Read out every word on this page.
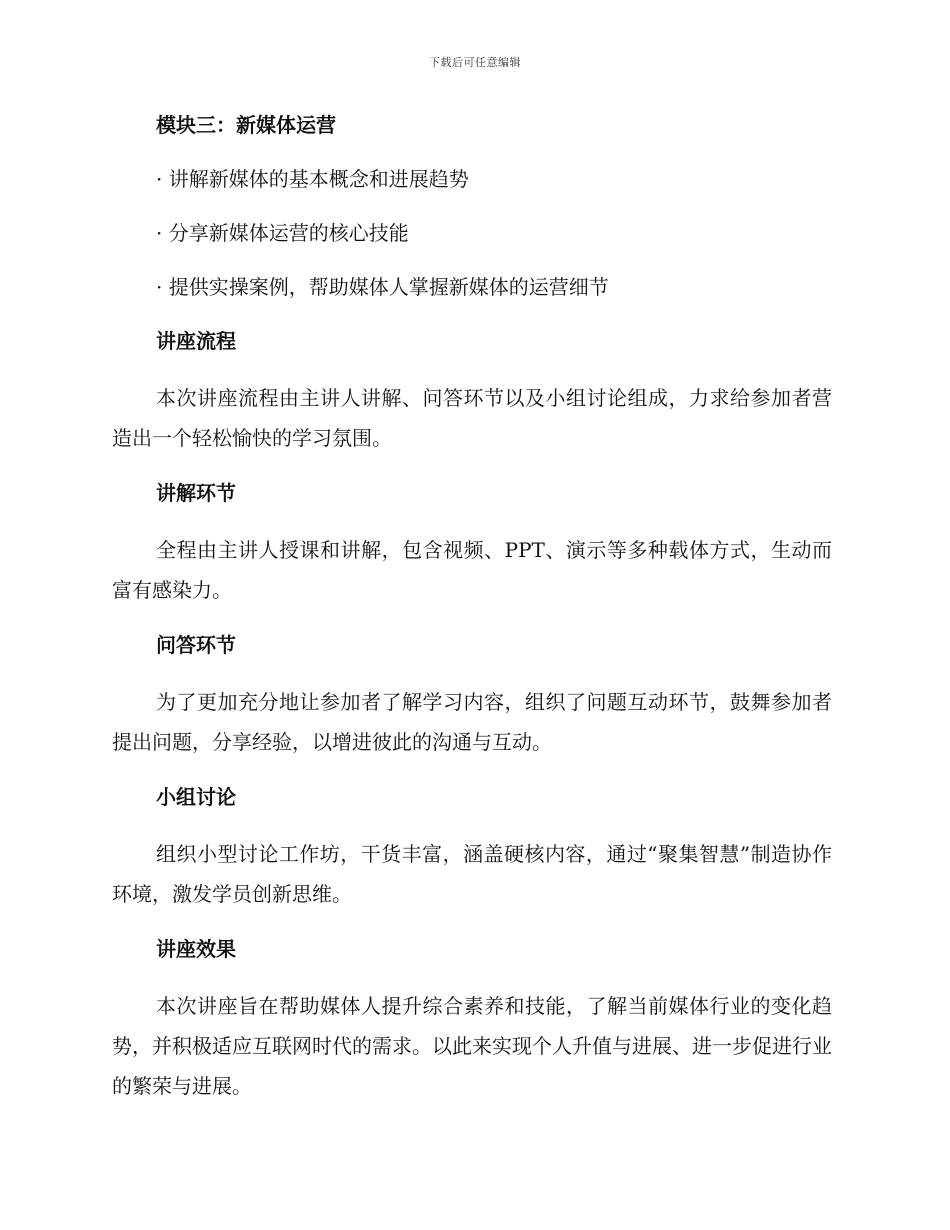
下载后可任意编辑
模块三：新媒体运营
· 讲解新媒体的基本概念和进展趋势
· 分享新媒体运营的核心技能
· 提供实操案例，帮助媒体人掌握新媒体的运营细节
讲座流程
本次讲座流程由主讲人讲解、问答环节以及小组讨论组成，力求给参加者营造出一个轻松愉快的学习氛围。
讲解环节
全程由主讲人授课和讲解，包含视频、PPT、演示等多种载体方式，生动而富有感染力。
问答环节
为了更加充分地让参加者了解学习内容，组织了问题互动环节，鼓舞参加者提出问题，分享经验，以增进彼此的沟通与互动。
小组讨论
组织小型讨论工作坊，干货丰富，涵盖硬核内容，通过“聚集智慧”制造协作环境，激发学员创新思维。
讲座效果
本次讲座旨在帮助媒体人提升综合素养和技能，了解当前媒体行业的变化趋势，并积极适应互联网时代的需求。以此来实现个人升值与进展、进一步促进行业的繁荣与进展。
